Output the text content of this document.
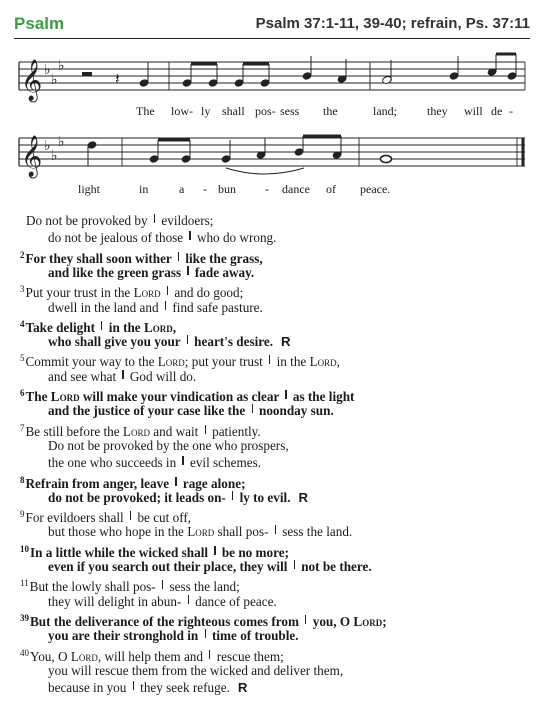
Psalm	Psalm 37:1-11, 39-40; refrain, Ps. 37:11
𝄞 ♭
♭
♭
𝄽
The low- ly shall pos- sess the	land;	they will de -
𝄞 ♭
♭
♭
light	in	a - bun - dance of peace.
Do not be provoked by  evildoers;
do not be jealous of those  who do wrong.
$^2$For they shall soon wither  like the grass,
and like the green grass  fade away.
$^3$Put your trust in the Lord  and do good;
dwell in the land and  find safe pasture.
$^4$Take delight  in the Lord,
who shall give you your  heart's desire. R
$^5$Commit your way to the Lord; put your trust  in the Lord,
and see what  God will do.
$^6$The Lord will make your vindication as clear  as the light
and the justice of your case like the  noonday sun.
$^7$Be still before the Lord and wait  patiently.
Do not be provoked by the one who prospers,
the one who succeeds in  evil schemes.
$^8$Refrain from anger, leave  rage alone;
do not be provoked; it leads on-  ly to evil. R
$^9$For evildoers shall  be cut off,
but those who hope in the Lord shall pos-  sess the land.
$^{10}$In a little while the wicked shall  be no more;
even if you search out their place, they will  not be there.
$^{11}$But the lowly shall pos-  sess the land;
they will delight in abun-  dance of peace.
$^{39}$But the deliverance of the righteous comes from  you, O Lord;
you are their stronghold in  time of trouble.
$^{40}$You, O Lord, will help them and  rescue them;
you will rescue them from the wicked and deliver them,
because in you  they seek refuge. R
